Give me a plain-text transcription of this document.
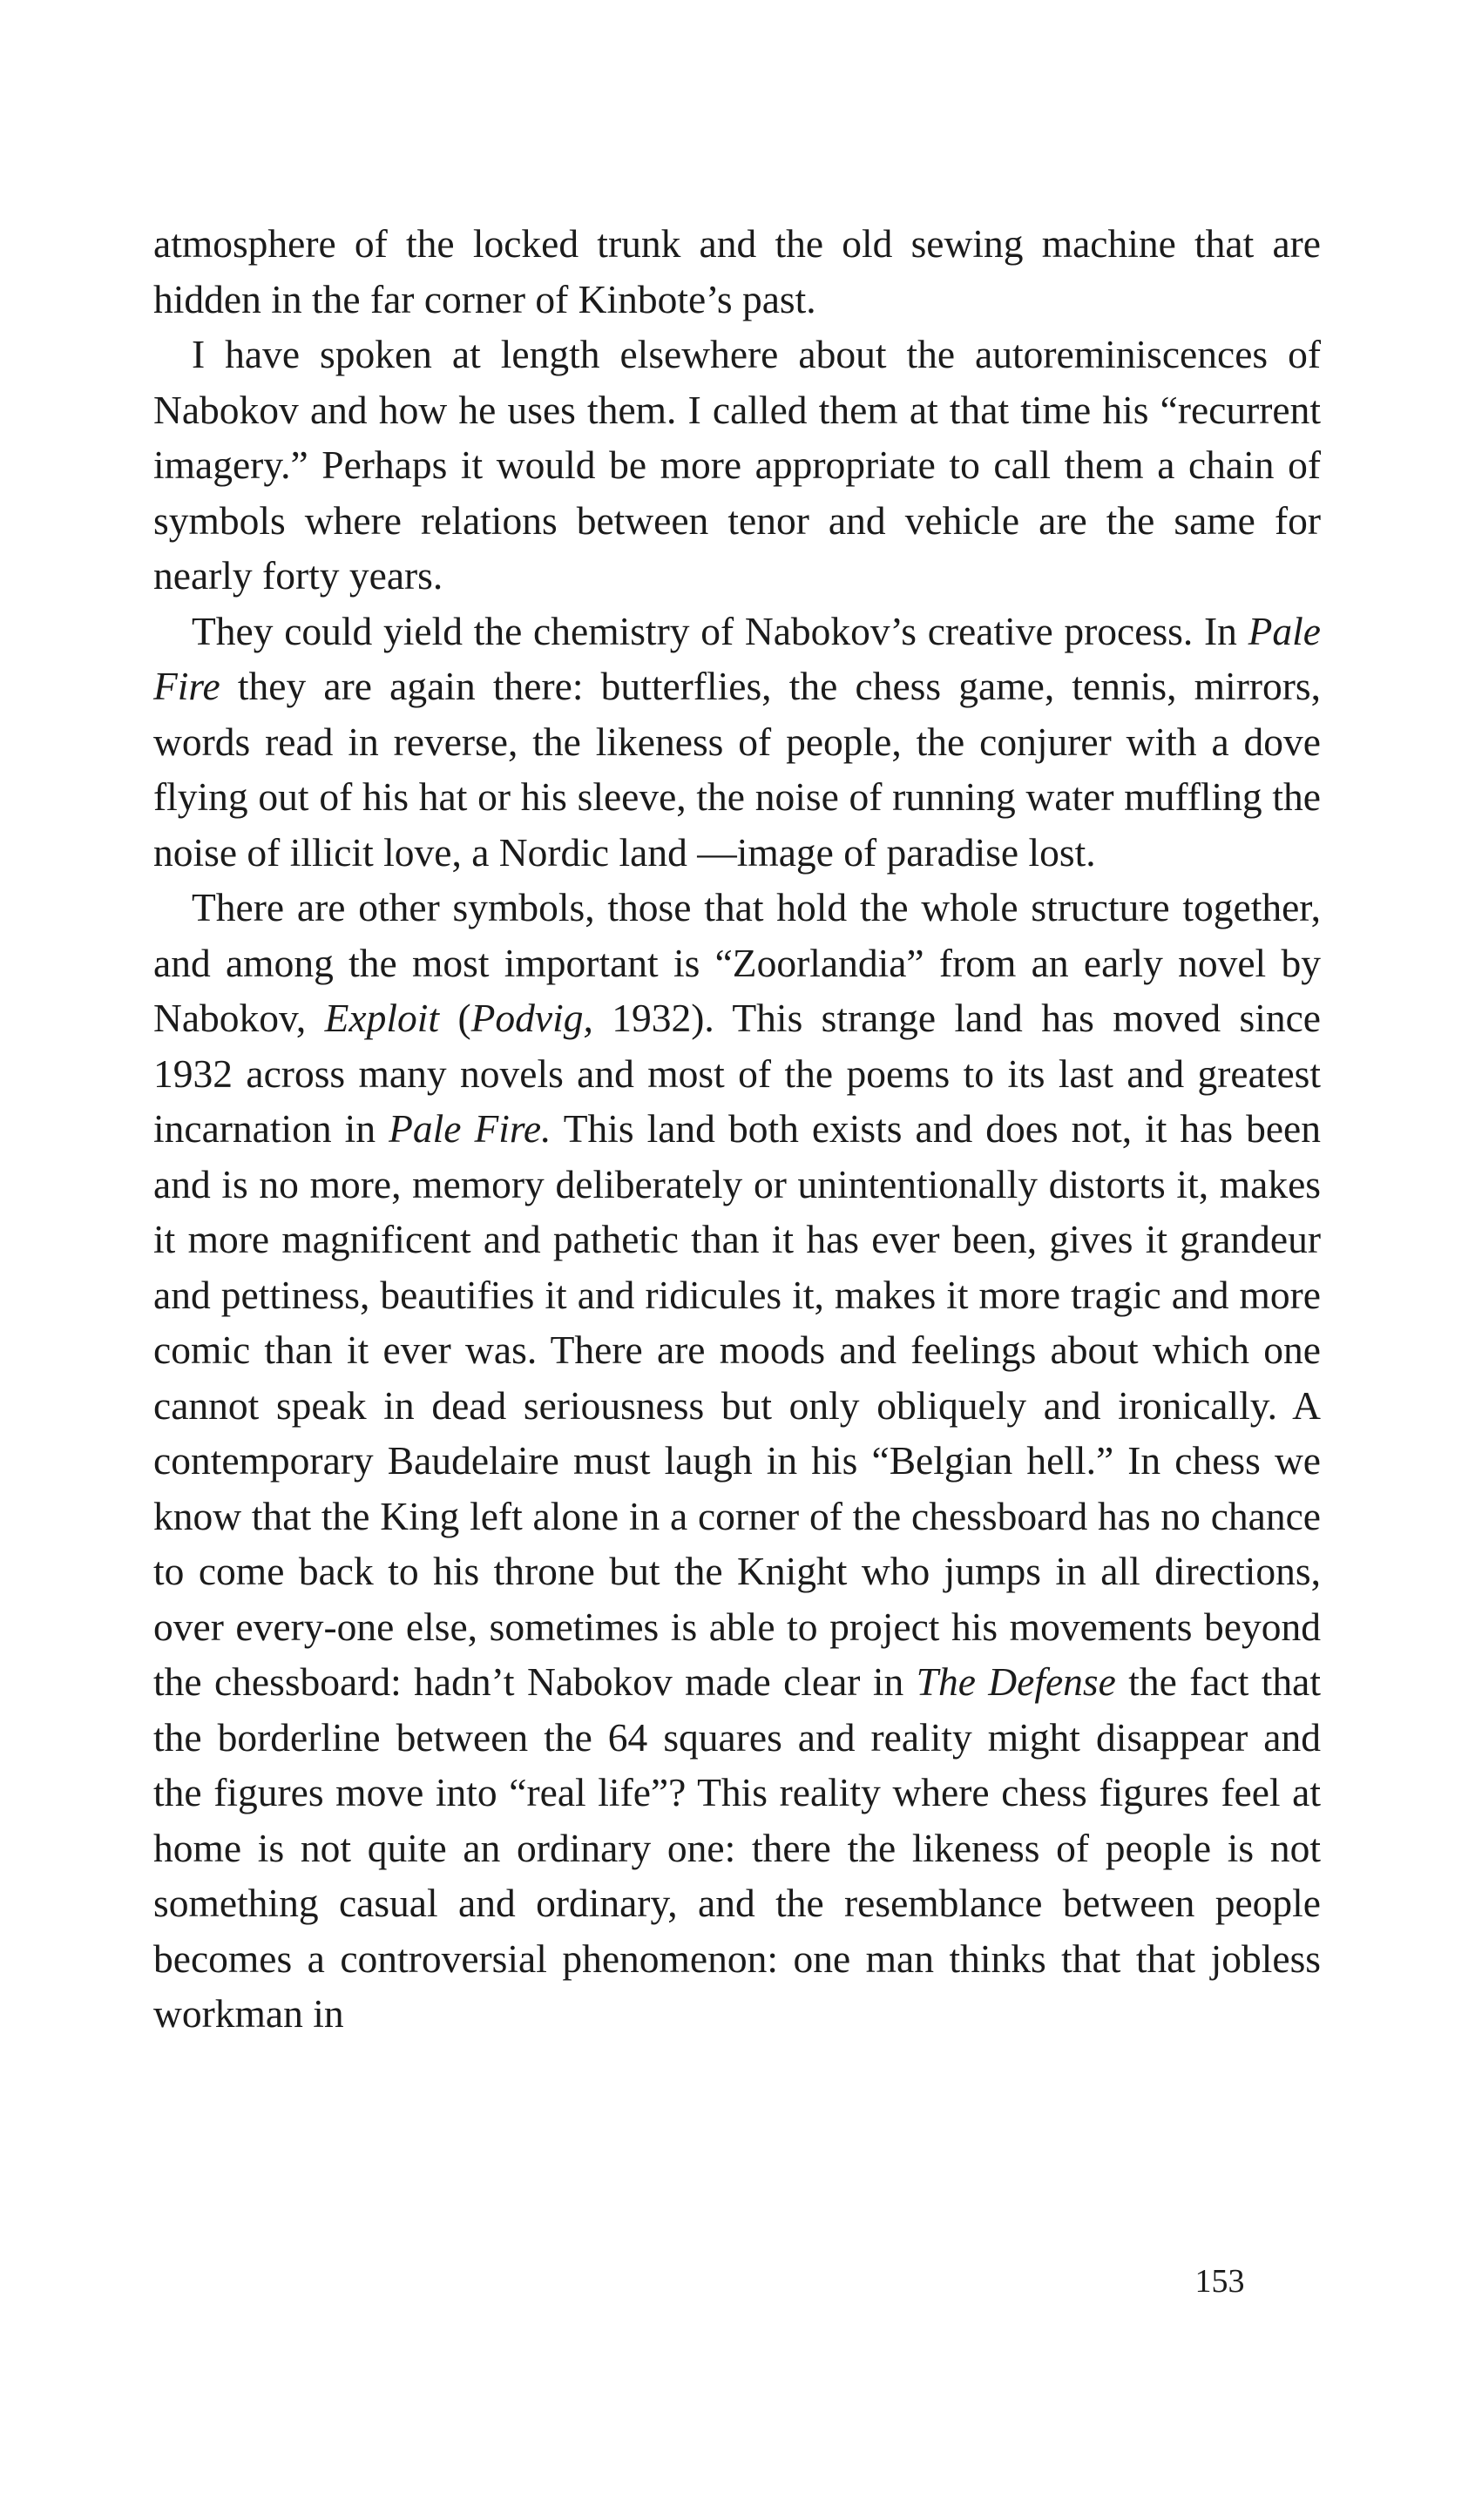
atmosphere of the locked trunk and the old sewing machine that are hidden in the far corner of Kinbote’s past.

I have spoken at length elsewhere about the autoreminiscences of Nabokov and how he uses them. I called them at that time his “recurrent imagery.” Perhaps it would be more appropriate to call them a chain of symbols where relations between tenor and vehicle are the same for nearly forty years.

They could yield the chemistry of Nabokov’s creative process. In Pale Fire they are again there: butterflies, the chess game, tennis, mirrors, words read in reverse, the likeness of people, the conjurer with a dove flying out of his hat or his sleeve, the noise of running water muffling the noise of illicit love, a Nordic land —image of paradise lost.

There are other symbols, those that hold the whole structure together, and among the most important is “Zoorlandia” from an early novel by Nabokov, Exploit (Podvig, 1932). This strange land has moved since 1932 across many novels and most of the poems to its last and greatest incarnation in Pale Fire. This land both exists and does not, it has been and is no more, memory deliberately or unintentionally distorts it, makes it more magnificent and pathetic than it has ever been, gives it grandeur and pettiness, beautifies it and ridicules it, makes it more tragic and more comic than it ever was. There are moods and feelings about which one cannot speak in dead seriousness but only obliquely and ironically. A contemporary Baudelaire must laugh in his “Belgian hell.” In chess we know that the King left alone in a corner of the chessboard has no chance to come back to his throne but the Knight who jumps in all directions, over every-one else, sometimes is able to project his movements beyond the chessboard: hadn’t Nabokov made clear in The Defense the fact that the borderline between the 64 squares and reality might disappear and the figures move into “real life”? This reality where chess figures feel at home is not quite an ordinary one: there the likeness of people is not something casual and ordinary, and the resemblance between people becomes a controversial phenomenon: one man thinks that that jobless workman in

153
